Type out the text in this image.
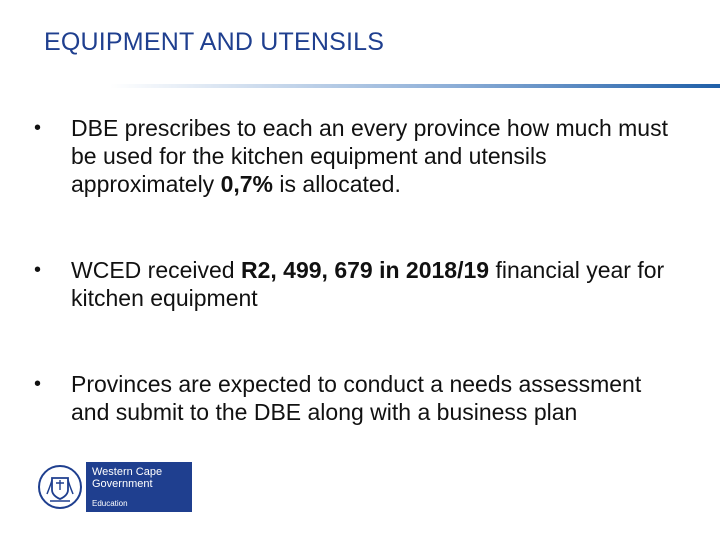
EQUIPMENT AND UTENSILS
• DBE prescribes to each an every province how much must be used for the kitchen equipment and utensils approximately 0,7% is allocated.
• WCED received R2, 499, 679 in 2018/19 financial year for kitchen equipment
• Provinces are expected to conduct a needs assessment and submit to the DBE along with a business plan
Western Cape
Government
Education
